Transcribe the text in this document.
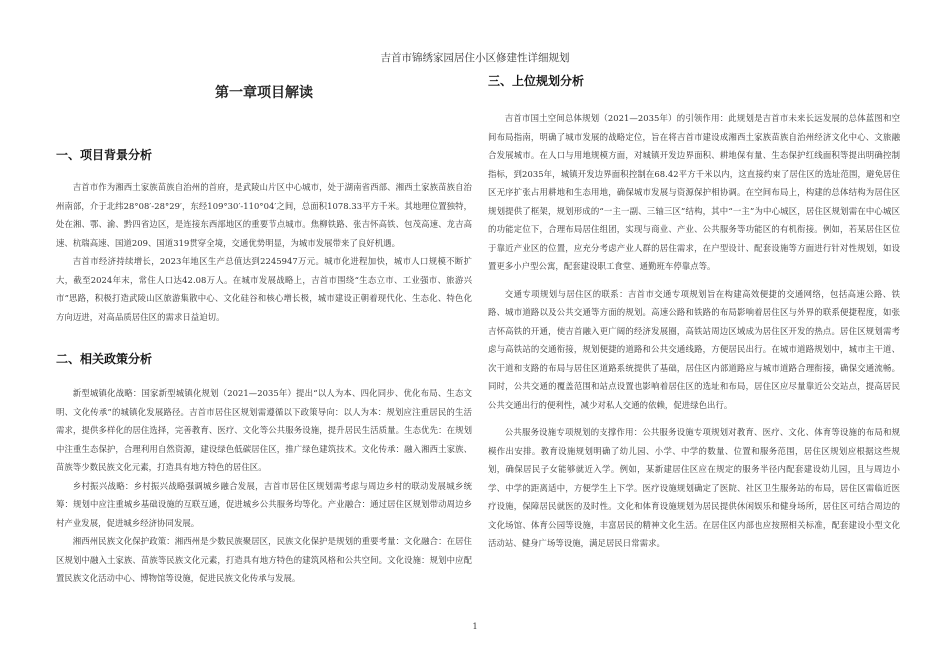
吉首市锦绣家园居住小区修建性详细规划
第一章项目解读
一、项目背景分析

吉首市作为湘西土家族苗族自治州的首府，是武陵山片区中心城市，处于湖南省西部、湘西土家族苗族自治州南部，介于北纬28°08′-28°29′，东经109°30′-110°04′之间，总面积1078.33平方千米。其地理位置独特，处在湘、鄂、渝、黔四省边区，是连接东西部地区的重要节点城市。焦柳铁路、张吉怀高铁、包茂高速、龙吉高速、杭瑞高速、国道209、国道319贯穿全境，交通优势明显，为城市发展带来了良好机遇。

吉首市经济持续增长，2023年地区生产总值达到2245947万元。城市化进程加快，城市人口规模不断扩大，截至2024年末，常住人口达42.08万人。在城市发展战略上，吉首市围绕“生态立市、工业强市、旅游兴市”思路，积极打造武陵山区旅游集散中心、文化硅谷和核心增长极，城市建设正朝着现代化、生态化、特色化方向迈进，对高品质居住区的需求日益迫切。

二、相关政策分析

新型城镇化战略：国家新型城镇化规划（2021—2035年）提出“以人为本、四化同步、优化布局、生态文明、文化传承”的城镇化发展路径。吉首市居住区规划需遵循以下政策导向：以人为本：规划应注重居民的生活需求，提供多样化的居住选择，完善教育、医疗、文化等公共服务设施，提升居民生活质量。生态优先：在规划中注重生态保护，合理利用自然资源，建设绿色低碳居住区，推广绿色建筑技术。文化传承：融入湘西土家族、苗族等少数民族文化元素，打造具有地方特色的居住区。

乡村振兴战略：乡村振兴战略强调城乡融合发展，吉首市居住区规划需考虑与周边乡村的联动发展城乡统筹：规划中应注重城乡基础设施的互联互通，促进城乡公共服务均等化。产业融合：通过居住区规划带动周边乡村产业发展，促进城乡经济协同发展。

湘西州民族文化保护政策：湘西州是少数民族聚居区，民族文化保护是规划的重要考量：文化融合：在居住区规划中融入土家族、苗族等民族文化元素，打造具有地方特色的建筑风格和公共空间。文化设施：规划中应配置民族文化活动中心、博物馆等设施，促进民族文化传承与发展。

三、上位规划分析

吉首市国土空间总体规划（2021—2035年）的引领作用：此规划是吉首市未来长远发展的总体蓝图和空间布局指南，明确了城市发展的战略定位，旨在将吉首市建设成湘西土家族苗族自治州经济文化中心、文旅融合发展城市。在人口与用地规模方面，对城镇开发边界面积、耕地保有量、生态保护红线面积等提出明确控制指标，到2035年，城镇开发边界面积控制在68.42平方千米以内，这直接约束了居住区的选址范围，避免居住区无序扩张占用耕地和生态用地，确保城市发展与资源保护相协调。在空间布局上，构建的总体结构为居住区规划提供了框架，规划形成的“一主一副、三轴三区”结构，其中“一主”为中心城区，居住区规划需在中心城区的功能定位下，合理布局居住组团，实现与商业、产业、公共服务等功能区的有机衔接。例如，若某居住区位于靠近产业区的位置，应充分考虑产业人群的居住需求，在户型设计、配套设施等方面进行针对性规划，如设置更多小户型公寓，配套建设职工食堂、通勤班车停靠点等。

交通专项规划与居住区的联系：吉首市交通专项规划旨在构建高效便捷的交通网络，包括高速公路、铁路、城市道路以及公共交通等方面的规划。高速公路和铁路的布局影响着居住区与外界的联系便捷程度，如张吉怀高铁的开通，使吉首融入更广阔的经济发展圈，高铁站周边区域成为居住区开发的热点。居住区规划需考虑与高铁站的交通衔接，规划便捷的道路和公共交通线路，方便居民出行。在城市道路规划中，城市主干道、次干道和支路的布局与居住区道路系统提供了基础，居住区内部道路应与城市道路合理衔接，确保交通流畅。同时，公共交通的覆盖范围和站点设置也影响着居住区的选址和布局，居住区应尽量靠近公交站点，提高居民公共交通出行的便利性，减少对私人交通的依赖，促进绿色出行。

公共服务设施专项规划的支撑作用：公共服务设施专项规划对教育、医疗、文化、体育等设施的布局和规模作出安排。教育设施规划明确了幼儿园、小学、中学的数量、位置和服务范围，居住区规划应根据这些规划，确保居民子女能够就近入学。例如，某新建居住区应在规定的服务半径内配套建设幼儿园，且与周边小学、中学的距离适中，方便学生上下学。医疗设施规划确定了医院、社区卫生服务站的布局，居住区需临近医疗设施，保障居民就医的及时性。文化和体育设施规划为居民提供休闲娱乐和健身场所，居住区可结合周边的文化场馆、体育公园等设施，丰富居民的精神文化生活。在居住区内部也应按照相关标准，配套建设小型文化活动站、健身广场等设施，满足居民日常需求。

1
